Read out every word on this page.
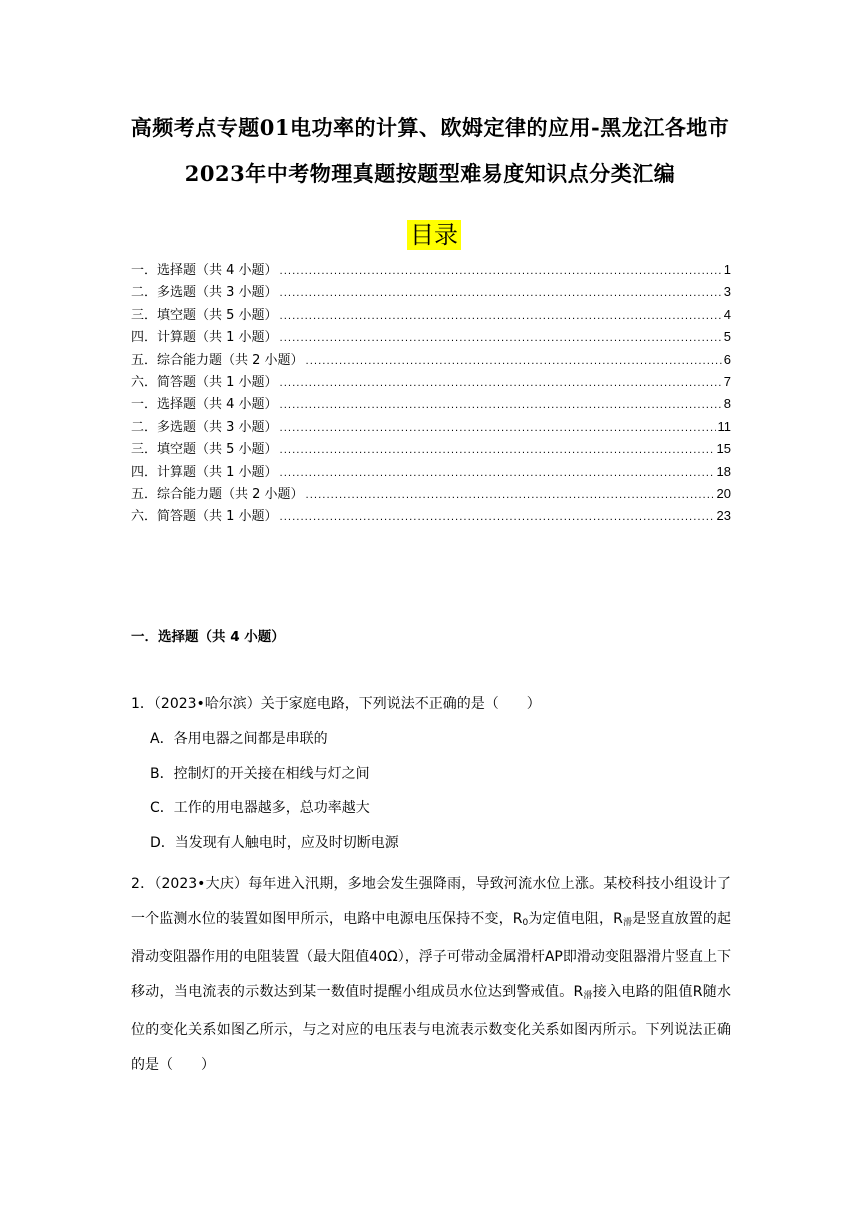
高频考点专题01电功率的计算、欧姆定律的应用-黑龙江各地市
2023年中考物理真题按题型难易度知识点分类汇编
目录
一．选择题（共 4 小题） .....	1
二．多选题（共 3 小题） .....	3
三．填空题（共 5 小题） .....	4
四．计算题（共 1 小题） .....	5
五．综合能力题（共 2 小题） .....	6
六．简答题（共 1 小题） .....	7
一．选择题（共 4 小题） .....	8
二．多选题（共 3 小题） .....	11
三．填空题（共 5 小题） .....	15
四．计算题（共 1 小题） .....	18
五．综合能力题（共 2 小题） .....	20
六．简答题（共 1 小题） .....	23
一．选择题（共 4 小题）
1．（2023•哈尔滨）关于家庭电路，下列说法不正确的是（　　）
A．各用电器之间都是串联的
B．控制灯的开关接在相线与灯之间
C．工作的用电器越多，总功率越大
D．当发现有人触电时，应及时切断电源
2．（2023•大庆）每年进入汛期，多地会发生强降雨，导致河流水位上涨。某校科技小组设计了一个监测水位的装置如图甲所示，电路中电源电压保持不变，$R_0$为定值电阻，$R_滑$是竖直放置的起滑动变阻器作用的电阻装置（最大阻值40Ω），浮子可带动金属滑杆AP即滑动变阻器滑片竖直上下移动，当电流表的示数达到某一数值时提醒小组成员水位达到警戒值。$R_滑$接入电路的阻值R随水位的变化关系如图乙所示，与之对应的电压表与电流表示数变化关系如图丙所示。下列说法正确的是（　　）
